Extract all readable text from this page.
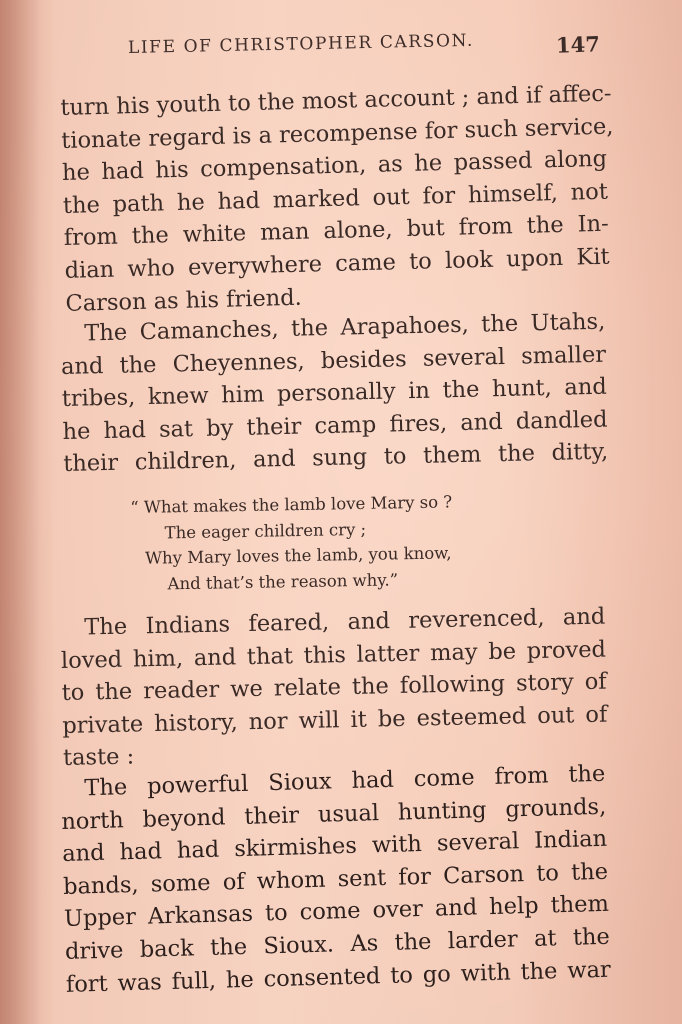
LIFE OF CHRISTOPHER CARSON.	147
turn his youth to the most account ; and if affec-
tionate regard is a recompense for such service,
he had his compensation, as he passed along
the path he had marked out for himself, not
from the white man alone, but from the In-
dian who everywhere came to look upon Kit
Carson as his friend.
The Camanches, the Arapahoes, the Utahs,
and the Cheyennes, besides several smaller
tribes, knew him personally in the hunt, and
he had sat by their camp fires, and dandled
their children, and sung to them the ditty,
“ What makes the lamb love Mary so ?
The eager children cry ;
Why Mary loves the lamb, you know,
And that’s the reason why.”
The Indians feared, and reverenced, and
loved him, and that this latter may be proved
to the reader we relate the following story of
private history, nor will it be esteemed out of
taste :
The powerful Sioux had come from the
north beyond their usual hunting grounds,
and had had skirmishes with several Indian
bands, some of whom sent for Carson to the
Upper Arkansas to come over and help them
drive back the Sioux. As the larder at the
fort was full, he consented to go with the war
